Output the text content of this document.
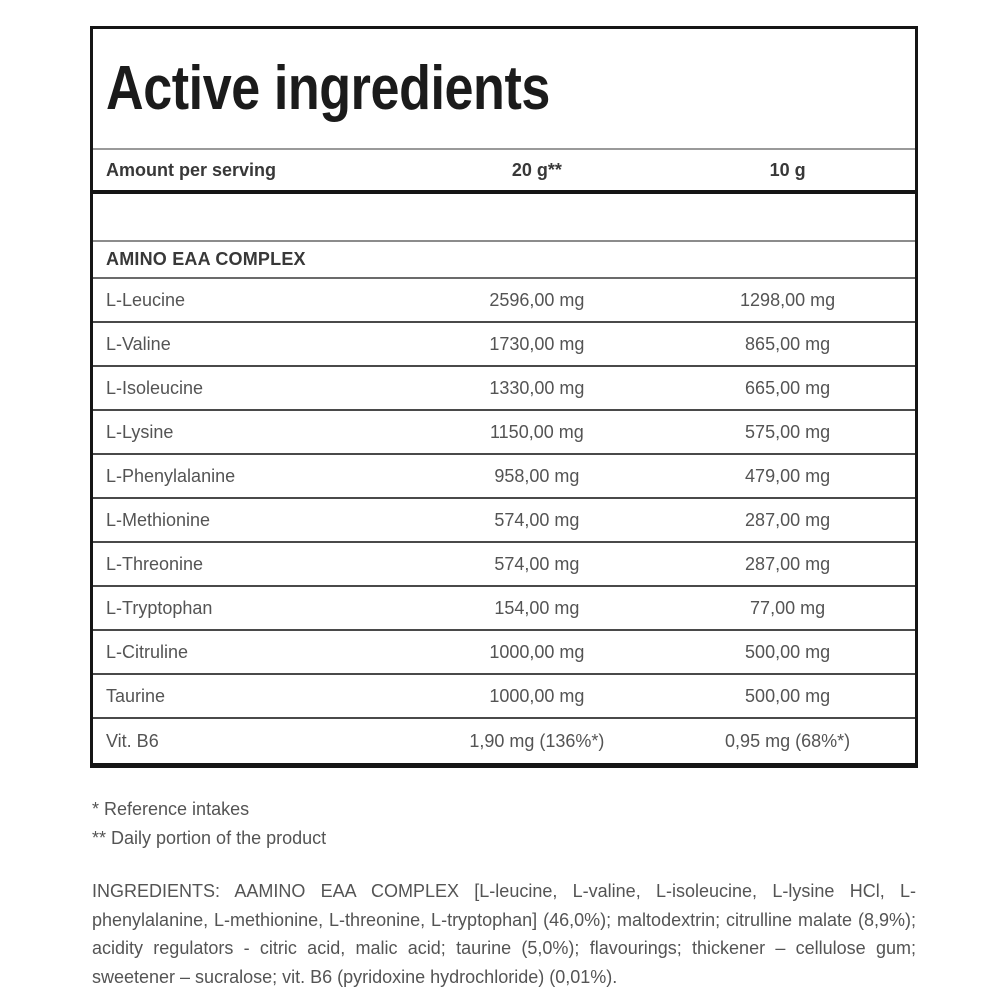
Active ingredients
Amount per serving	20 g**	10 g
AMINO EAA COMPLEX
L-Leucine	2596,00 mg	1298,00 mg
L-Valine	1730,00 mg	865,00 mg
L-Isoleucine	1330,00 mg	665,00 mg
L-Lysine	1150,00 mg	575,00 mg
L-Phenylalanine	958,00 mg	479,00 mg
L-Methionine	574,00 mg	287,00 mg
L-Threonine	574,00 mg	287,00 mg
L-Tryptophan	154,00 mg	77,00 mg
L-Citruline	1000,00 mg	500,00 mg
Taurine	1000,00 mg	500,00 mg
Vit. B6	1,90 mg (136%*)	0,95 mg (68%*)

* Reference intakes

** Daily portion of the product

INGREDIENTS: AAMINO EAA COMPLEX [L-leucine, L-valine, L-isoleucine, L-lysine HCl, L-phenylalanine, L-methionine, L-threonine, L-tryptophan] (46,0%); maltodextrin; citrulline malate (8,9%); acidity regulators - citric acid, malic acid; taurine (5,0%); flavourings; thickener – cellulose gum; sweetener – sucralose; vit. B6 (pyridoxine hydrochloride) (0,01%).
